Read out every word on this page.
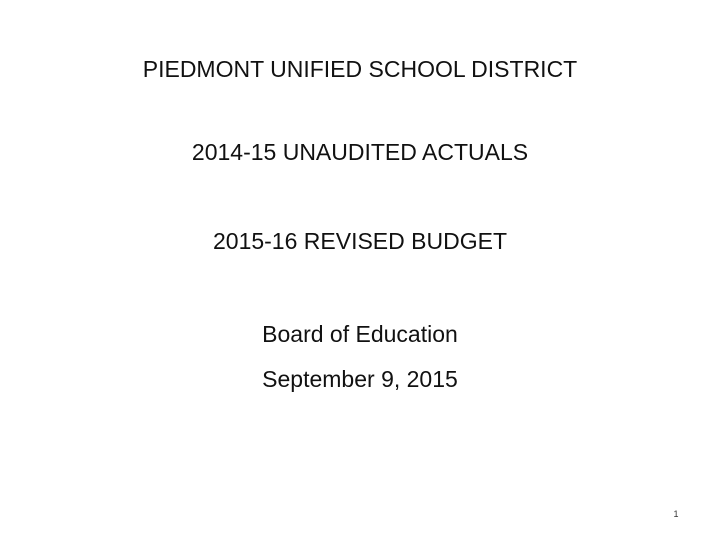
PIEDMONT UNIFIED SCHOOL DISTRICT
2014-15 UNAUDITED ACTUALS
2015-16 REVISED BUDGET
Board of Education
September 9, 2015
1
